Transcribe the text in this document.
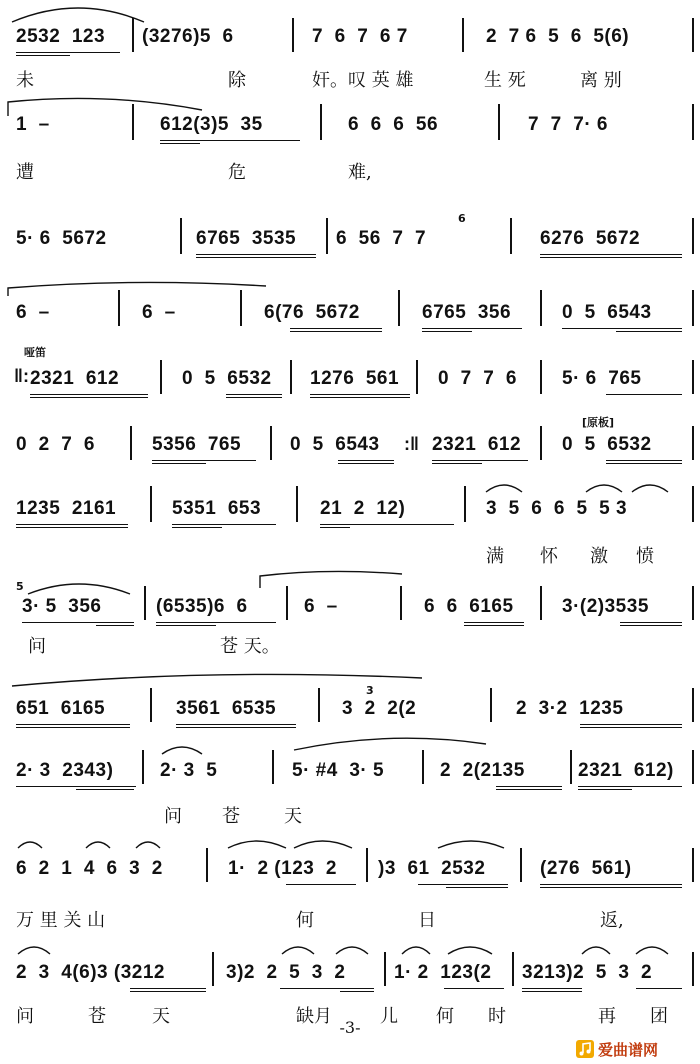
2532  123 (3276)5  6	7  6  7  6 7	2  7 6  5  6  5(6)
未	除	奸。叹 英 雄	生 死	离 别
1  –	612(3)5  35	6  6  6  56	7  7  7· 6
遭	危	难,
5· 6  5672	6765  3535 6  56  7  7	6276  5672
6
6  –	6  –	6(76  5672	6765  356	0  5  6543
哑笛
‖: 2321  612	0  5  6532 1276  561 0  7  7  6 5· 6  765
[原板]
0  2  7  6	5356  765	0  5  6543 :‖ 2321  612 0  5  6532
1235  2161	5351  653	21  2  12)	3  5  6  6  5  5 3
满 怀 激 愤
5
3· 5  356	(6535)6  6	6  –	6  6  6165	3·(2)3535
问	苍 天。
3
651  6165	3561  6535	3  2  2(2	2  3·2  1235
2· 3  2343) 2· 3  5	5· #4  3· 5	2  2(2135	2321  612)
问 苍 天
6  2  1  4  6  3  2	1·  2 (123  2 )3  61  2532	(276  561)
万 里 关 山	何	日	返,
2  3  4(6)3 (3212	3)2  2  5  3  2	1· 2  123(2 3213)2  5  3  2
问	苍	天	缺月	儿 何 时	再 团
-3-
爱曲谱网
